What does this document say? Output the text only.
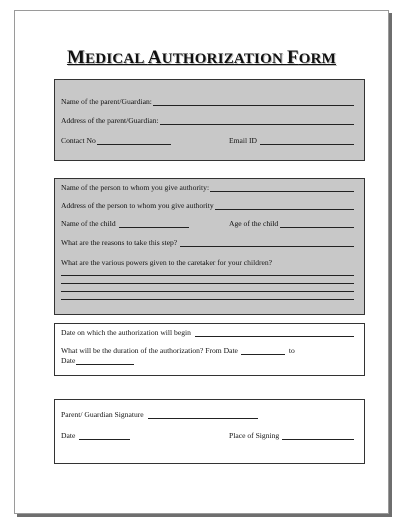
MEDICAL AUTHORIZATION FORM
Name of the parent/Guardian:
Address of the parent/Guardian:
Contact No	Email ID
Name of the person to whom you give authority:
Address of the person to whom you give authority
Name of the child	Age of the child
What are the reasons to take this step?
What are the various powers given to the caretaker for your children?
Date on which the authorization will begin
What will be the duration of the authorization? From Date	to
Date
Parent/ Guardian Signature
Date	Place of Signing
